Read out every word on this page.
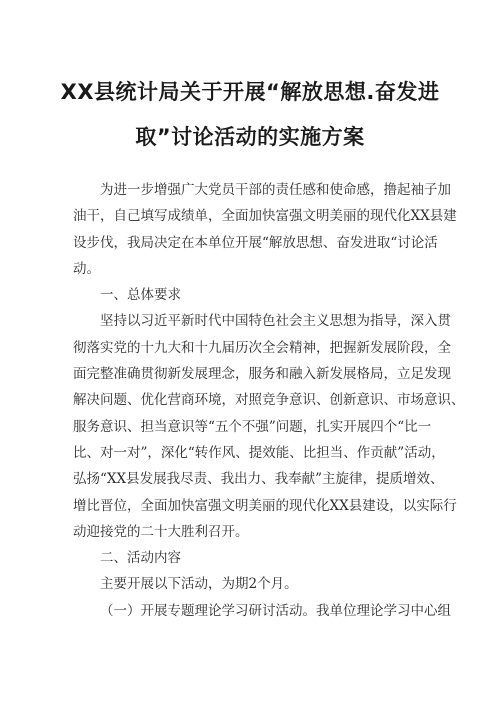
XX县统计局关于开展“解放思想.奋发进
取”讨论活动的实施方案
为进一步增强广大党员干部的责任感和使命感，撸起袖子加
油干，自己填写成绩单，全面加快富强文明美丽的现代化XX县建
设步伐，我局决定在本单位开展“解放思想、奋发进取“讨论活
动。
一、总体要求
坚持以习近平新时代中国特色社会主义思想为指导，深入贯
彻落实党的十九大和十九届历次全会精神，把握新发展阶段，全
面完整准确贯彻新发展理念，服务和融入新发展格局，立足发现
解决问题、优化营商环境，对照竞争意识、创新意识、市场意识、
服务意识、担当意识等“五个不强”问题，扎实开展四个“比一
比、对一对”，深化“转作风、提效能、比担当、作贡献”活动，
弘扬“XX县发展我尽责、我出力、我奉献”主旋律，提质增效、
增比晋位，全面加快富强文明美丽的现代化XX县建设，以实际行
动迎接党的二十大胜利召开。
二、活动内容
主要开展以下活动，为期2个月。
（一）开展专题理论学习研讨活动。我单位理论学习中心组
